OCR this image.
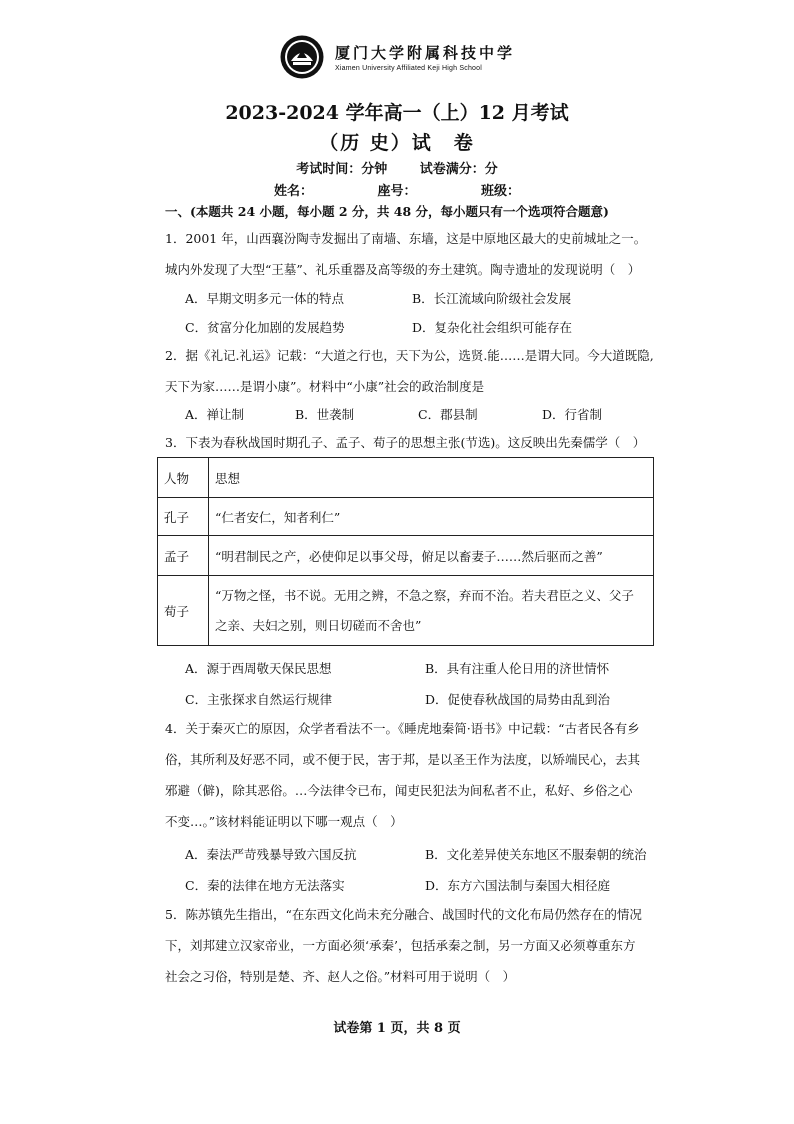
厦门大学附属科技中学
Xiamen University Affiliated Keji High School
2023-2024 学年高一（上）12 月考试
（历 史）试　卷
考试时间：分钟	试卷满分：分
姓名：	座号：	班级：
一、(本题共 24 小题，每小题 2 分，共 48 分，每小题只有一个选项符合题意)

1．2001 年，山西襄汾陶寺发掘出了南墙、东墙，这是中原地区最大的史前城址之一。

城内外发现了大型“王墓”、礼乐重器及高等级的夯土建筑。陶寺遗址的发现说明（　）

A．早期文明多元一体的特点	B．长江流域向阶级社会发展
C．贫富分化加剧的发展趋势	D．复杂化社会组织可能存在

2．据《礼记.礼运》记载：“大道之行也，天下为公，选贤.能……是谓大同。今大道既隐,

天下为家……是谓小康”。材料中“小康”社会的政治制度是

A．禅让制	B．世袭制	C．郡县制	D．行省制

3．下表为春秋战国时期孔子、孟子、荀子的思想主张(节选)。这反映出先秦儒学（　）

人物	思想
孔子	“仁者安仁，知者利仁”
孟子	“明君制民之产，必使仰足以事父母，俯足以畜妻子……然后驱而之善”
荀子	“万物之怪，书不说。无用之辨，不急之察，弃而不治。若夫君臣之义、父子
之亲、夫妇之别，则日切磋而不舍也”
A．源于西周敬天保民思想	B．具有注重人伦日用的济世情怀
C．主张探求自然运行规律	D．促使春秋战国的局势由乱到治

4．关于秦灭亡的原因，众学者看法不一。《睡虎地秦简·语书》中记载：“古者民各有乡

俗，其所利及好恶不同，或不便于民，害于邦，是以圣王作为法度，以矫端民心，去其

邪避（僻)，除其恶俗。…今法律令已布，闻吏民犯法为间私者不止，私好、乡俗之心

不变…。”该材料能证明以下哪一观点（　）

A．秦法严苛残暴导致六国反抗	B．文化差异使关东地区不服秦朝的统治
C．秦的法律在地方无法落实	D．东方六国法制与秦国大相径庭

5．陈苏镇先生指出，“在东西文化尚未充分融合、战国时代的文化布局仍然存在的情况

下，刘邦建立汉家帝业，一方面必须‘承秦’，包括承秦之制，另一方面又必须尊重东方

社会之习俗，特别是楚、齐、赵人之俗。”材料可用于说明（　）

试卷第 1 页，共 8 页
